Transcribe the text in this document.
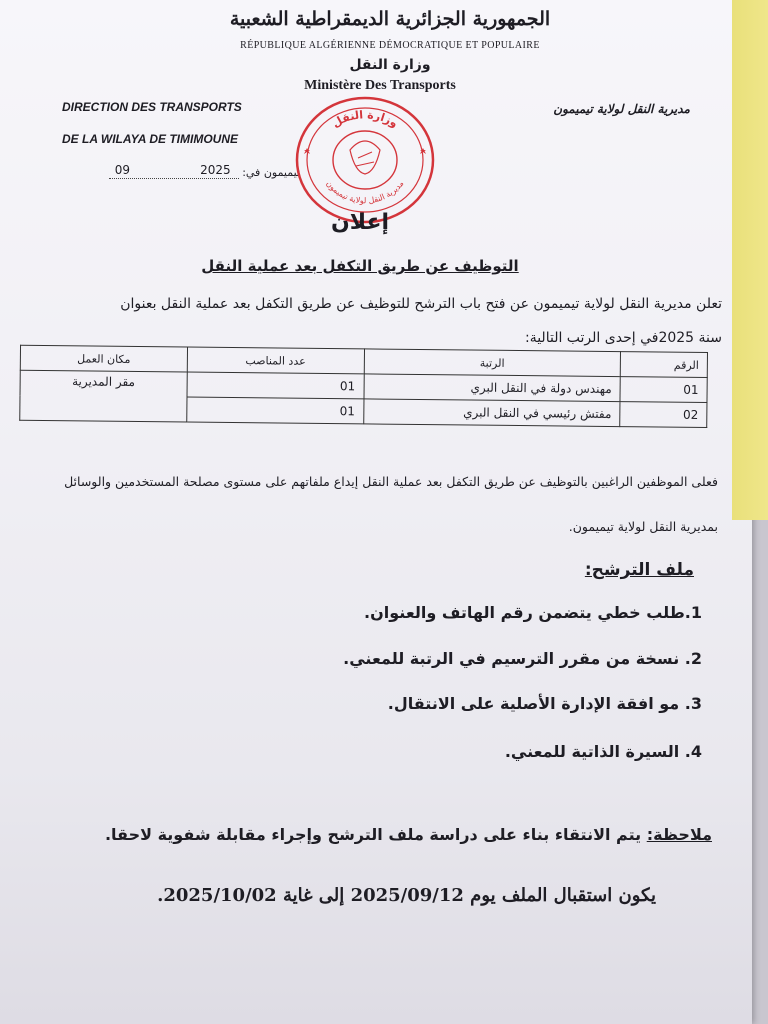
الجمهورية الجزائرية الديمقراطية الشعبية
RÉPUBLIQUE ALGÉRIENNE DÉMOCRATIQUE ET POPULAIRE
وزارة النقل
Ministère Des Transports
DIRECTION DES TRANSPORTS
DE LA WILAYA DE TIMIMOUNE
مديرية النقل لولاية تيميمون
تيميمون في:
09	2025
وزارة النقل
مديرية النقل لولاية تيميمون
إعلان
التوظيف عن طريق التكفل بعد عملية النقل
تعلن مديرية النقل لولاية تيميمون عن فتح باب الترشح للتوظيف عن طريق التكفل بعد عملية النقل بعنوان
سنة 2025في إحدى الرتب التالية:
الرقم	الرتبة	عدد المناصب	مكان العمل
01	مهندس دولة في النقل البري	01	مقر المديرية
02	مفتش رئيسي في النقل البري	01	
فعلى الموظفين الراغبين بالتوظيف عن طريق التكفل بعد عملية النقل إيداع ملفاتهم على مستوى مصلحة المستخدمين والوسائل
بمديرية النقل لولاية تيميمون.
ملف الترشح:
1.طلب خطي يتضمن رقم الهاتف والعنوان.
2. نسخة من مقرر الترسيم في الرتبة للمعني.
3. مو افقة الإدارة الأصلية على الانتقال.
4. السيرة الذاتية للمعني.
ملاحظة: يتم الانتقاء بناء على دراسة ملف الترشح وإجراء مقابلة شفوية لاحقا.
يكون استقبال الملف يوم 2025/09/12 إلى غاية 2025/10/02.
